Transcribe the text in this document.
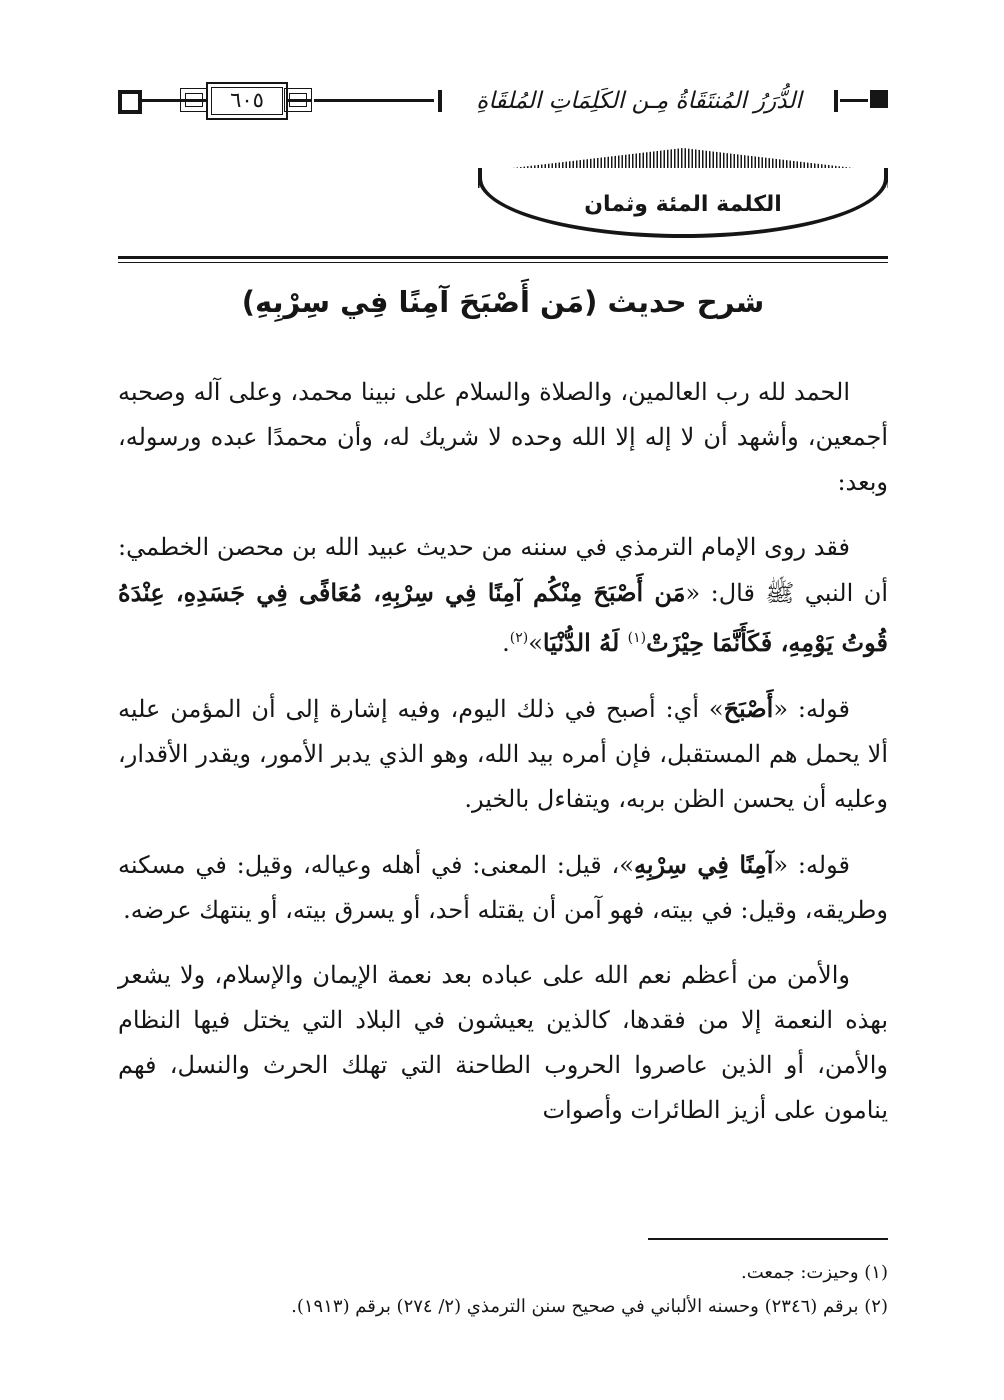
٦٠٥	الدُّرَرُ المُنتَقَاةُ مِـن الكَلِمَاتِ المُلقَاةِ
الكلمة المئة وثمان
شرح حديث (مَن أَصْبَحَ آمِنًا فِي سِرْبِهِ)

الحمد لله رب العالمين، والصلاة والسلام على نبينا محمد، وعلى آله وصحبه أجمعين، وأشهد أن لا إله إلا الله وحده لا شريك له، وأن محمدًا عبده ورسوله، وبعد:

فقد روى الإمام الترمذي في سننه من حديث عبيد الله بن محصن الخطمي: أن النبي ﷺ قال: «مَن أَصْبَحَ مِنْكُم آمِنًا فِي سِرْبِهِ، مُعَافًى فِي جَسَدِهِ، عِنْدَهُ قُوتُ يَوْمِهِ، فَكَأَنَّمَا حِيْزَتْ$^{(١)}$ لَهُ الدُّنْيَا»$^{(٢)}$.

قوله: «أَصْبَحَ» أي: أصبح في ذلك اليوم، وفيه إشارة إلى أن المؤمن عليه ألا يحمل هم المستقبل، فإن أمره بيد الله، وهو الذي يدبر الأمور، ويقدر الأقدار، وعليه أن يحسن الظن بربه، ويتفاءل بالخير.

قوله: «آمِنًا فِي سِرْبِهِ»، قيل: المعنى: في أهله وعياله، وقيل: في مسكنه وطريقه، وقيل: في بيته، فهو آمن أن يقتله أحد، أو يسرق بيته، أو ينتهك عرضه.

والأمن من أعظم نعم الله على عباده بعد نعمة الإيمان والإسلام، ولا يشعر بهذه النعمة إلا من فقدها، كالذين يعيشون في البلاد التي يختل فيها النظام والأمن، أو الذين عاصروا الحروب الطاحنة التي تهلك الحرث والنسل، فهم ينامون على أزيز الطائرات وأصوات

(١) وحيزت: جمعت.
(٢) برقم (٢٣٤٦) وحسنه الألباني في صحيح سنن الترمذي (٢/ ٢٧٤) برقم (١٩١٣).
